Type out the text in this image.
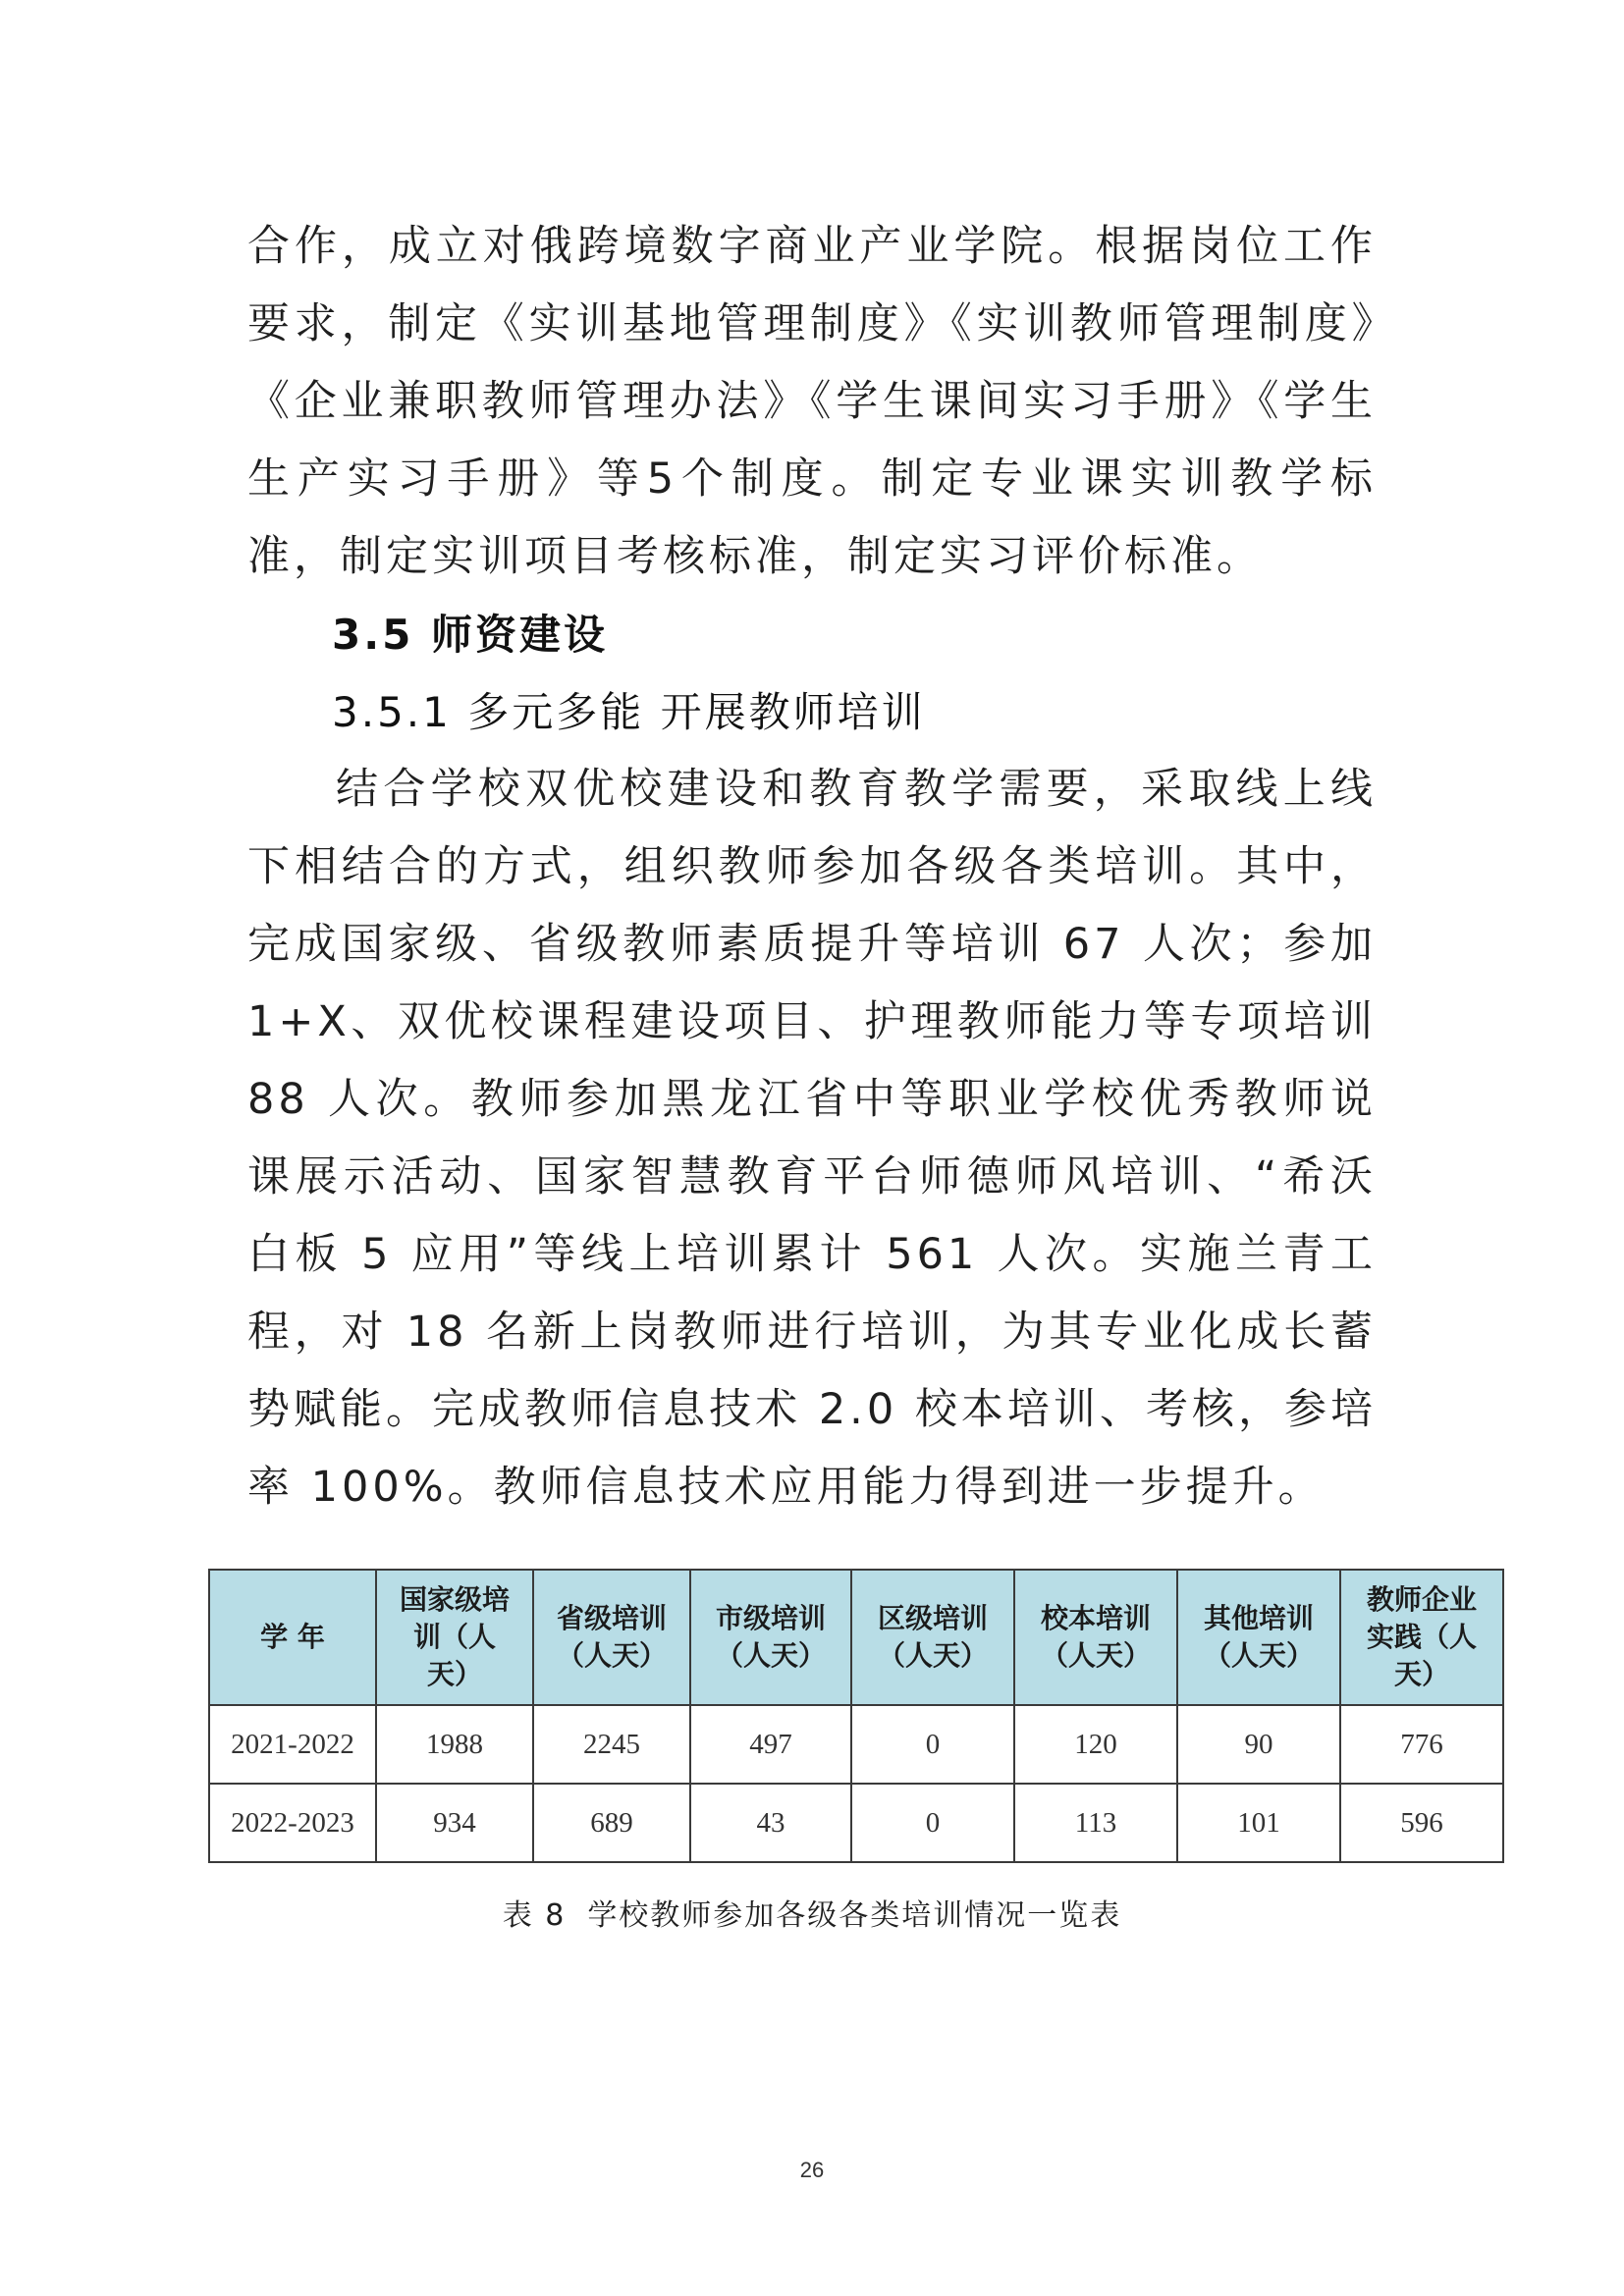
合作，成立对俄跨境数字商业产业学院。根据岗位工作要求，制定《实训基地管理制度》《实训教师管理制度》《企业兼职教师管理办法》《学生课间实习手册》《学生生产实习手册》等5个制度。制定专业课实训教学标准，制定实训项目考核标准，制定实习评价标准。

3.5 师资建设

3.5.1 多元多能 开展教师培训

结合学校双优校建设和教育教学需要，采取线上线下相结合的方式，组织教师参加各级各类培训。其中，完成国家级、省级教师素质提升等培训 67 人次；参加 1+X、双优校课程建设项目、护理教师能力等专项培训 88 人次。教师参加黑龙江省中等职业学校优秀教师说课展示活动、国家智慧教育平台师德师风培训、“希沃白板 5 应用”等线上培训累计 561 人次。实施兰青工程，对 18 名新上岗教师进行培训，为其专业化成长蓄势赋能。完成教师信息技术 2.0 校本培训、考核，参培率 100%。教师信息技术应用能力得到进一步提升。

学 年	国家级培训（人天）	省级培训（人天）	市级培训（人天）	区级培训（人天）	校本培训（人天）	其他培训（人天）	教师企业实践（人天）
2021-2022	1988	2245	497	0	120	90	776
2022-2023	934	689	43	0	113	101	596
表 8 学校教师参加各级各类培训情况一览表
26
